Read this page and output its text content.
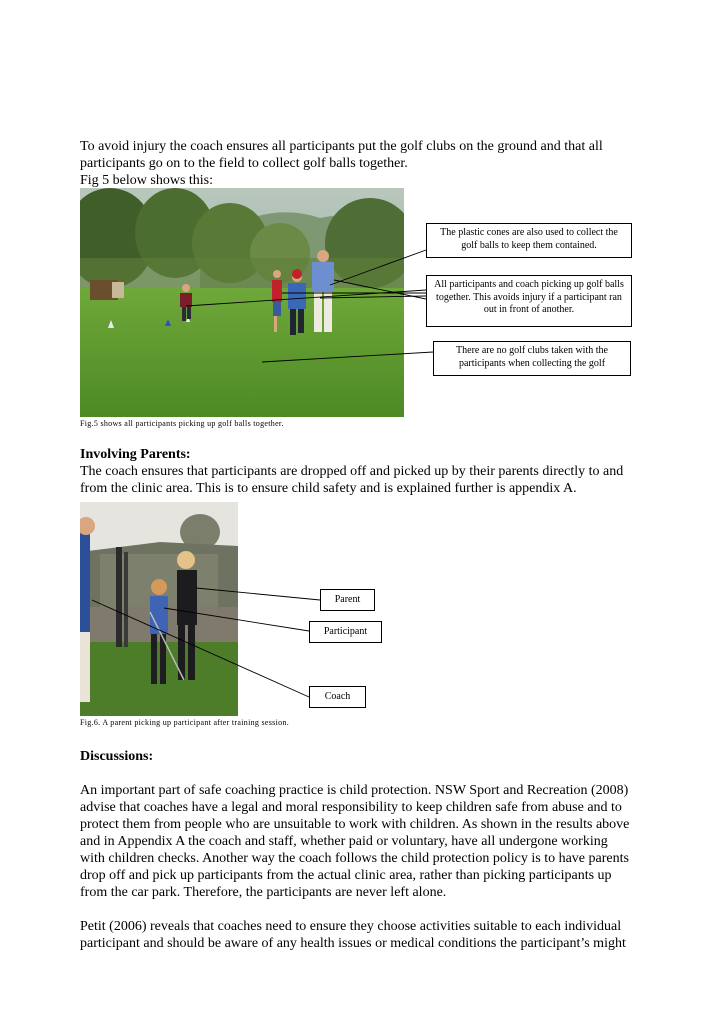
To avoid injury the coach ensures all participants put the golf clubs on the ground and that all

participants go on to the field to collect golf balls together.

Fig 5 below shows this:

The plastic cones are also used to collect the golf balls to keep them contained.
All participants and coach picking up golf balls together. This avoids injury if a participant ran out in front of another.
There are no golf clubs taken with the participants when collecting the golf
Fig.5 shows all participants picking up golf balls together.

Involving Parents:

The coach ensures that participants are dropped off and picked up by their parents directly to and

from the clinic area. This is to ensure child safety and is explained further is appendix A.

Parent
Participant
Coach
Fig.6. A parent picking up participant after training session.

Discussions:

An important part of safe coaching practice is child protection. NSW Sport and Recreation (2008)

advise that coaches have a legal and moral responsibility to keep children safe from abuse and to

protect them from people who are unsuitable to work with children. As shown in the results above

and in Appendix A the coach and staff, whether paid or voluntary, have all undergone working

with children checks. Another way the coach follows the child protection policy is to have parents

drop off and pick up participants from the actual clinic area, rather than picking participants up

from the car park. Therefore, the participants are never left alone.

Petit (2006) reveals that coaches need to ensure they choose activities suitable to each individual

participant and should be aware of any health issues or medical conditions the participant’s might
